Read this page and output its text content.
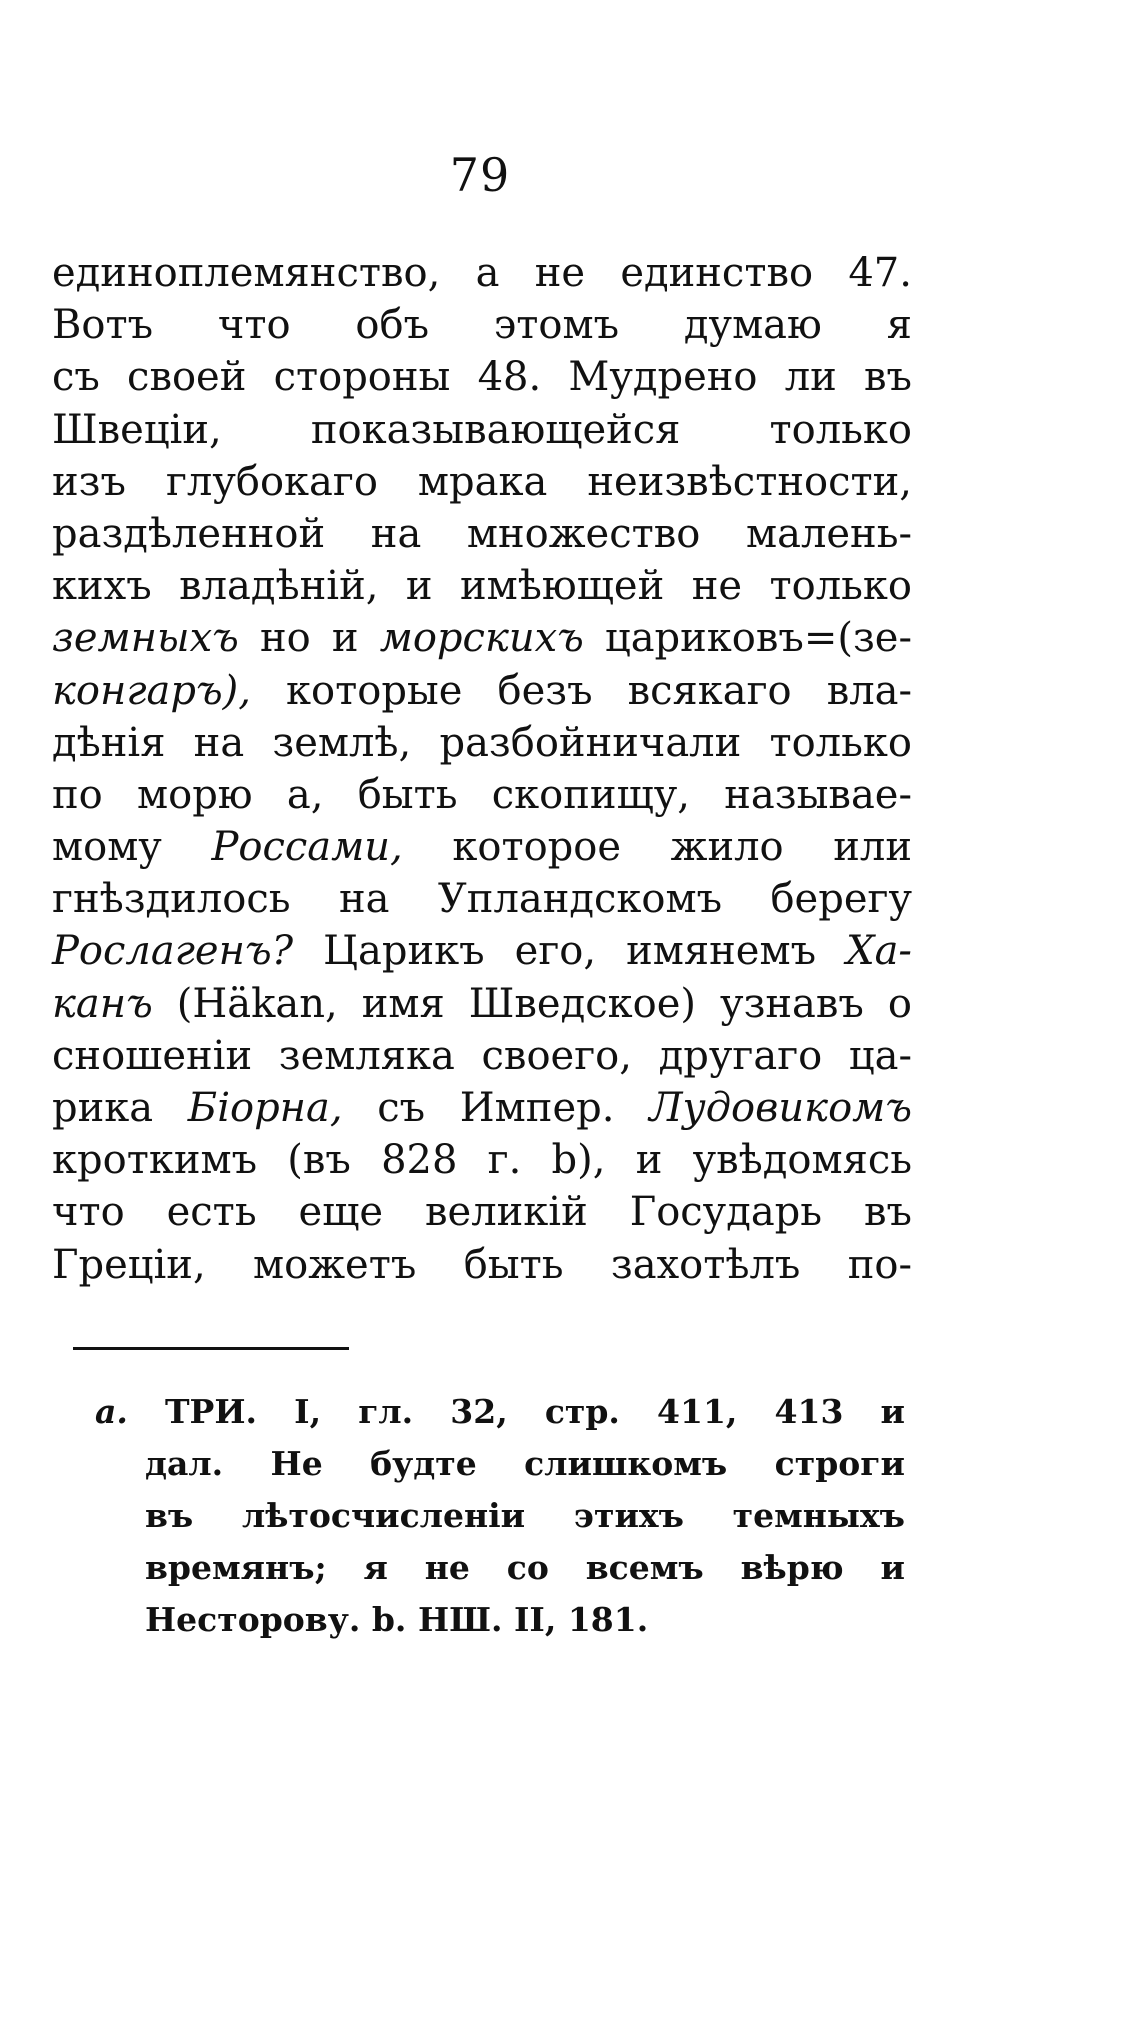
79
единоплемянство, а не единство 47.
Вотъ что объ этомъ думаю я
съ своей стороны 48. Мудрено ли въ
Швеціи, показывающейся только
изъ глубокаго мрака неизвѣстности,
раздѣленной на множество малень-
кихъ владѣній, и имѣющей не только
земныхъ но и морскихъ цариковъ=(зе-
конгаръ), которые безъ всякаго вла-
дѣнія на землѣ, разбойничали только
по морю a, быть скопищу, называе-
мому Россами, которое жило или
гнѣздилось на Упландскомъ берегу
Рослагенъ? Царикъ его, имянемъ Ха-
канъ (Häkan, имя Шведское) узнавъ о
сношеніи земляка своего, другаго ца-
рика Біорна, съ Импер. Лудовикомъ
кроткимъ (въ 828 г. b), и увѣдомясь
что есть еще великій Государь въ
Греціи, можетъ быть захотѣлъ по-
a. ТРИ. I, гл. 32, стр. 411, 413 и
дал. Не будте слишкомъ строги
въ лѣтосчисленіи этихъ темныхъ
времянъ; я не со всемъ вѣрю и
Несторову. b. НШ. II, 181.
